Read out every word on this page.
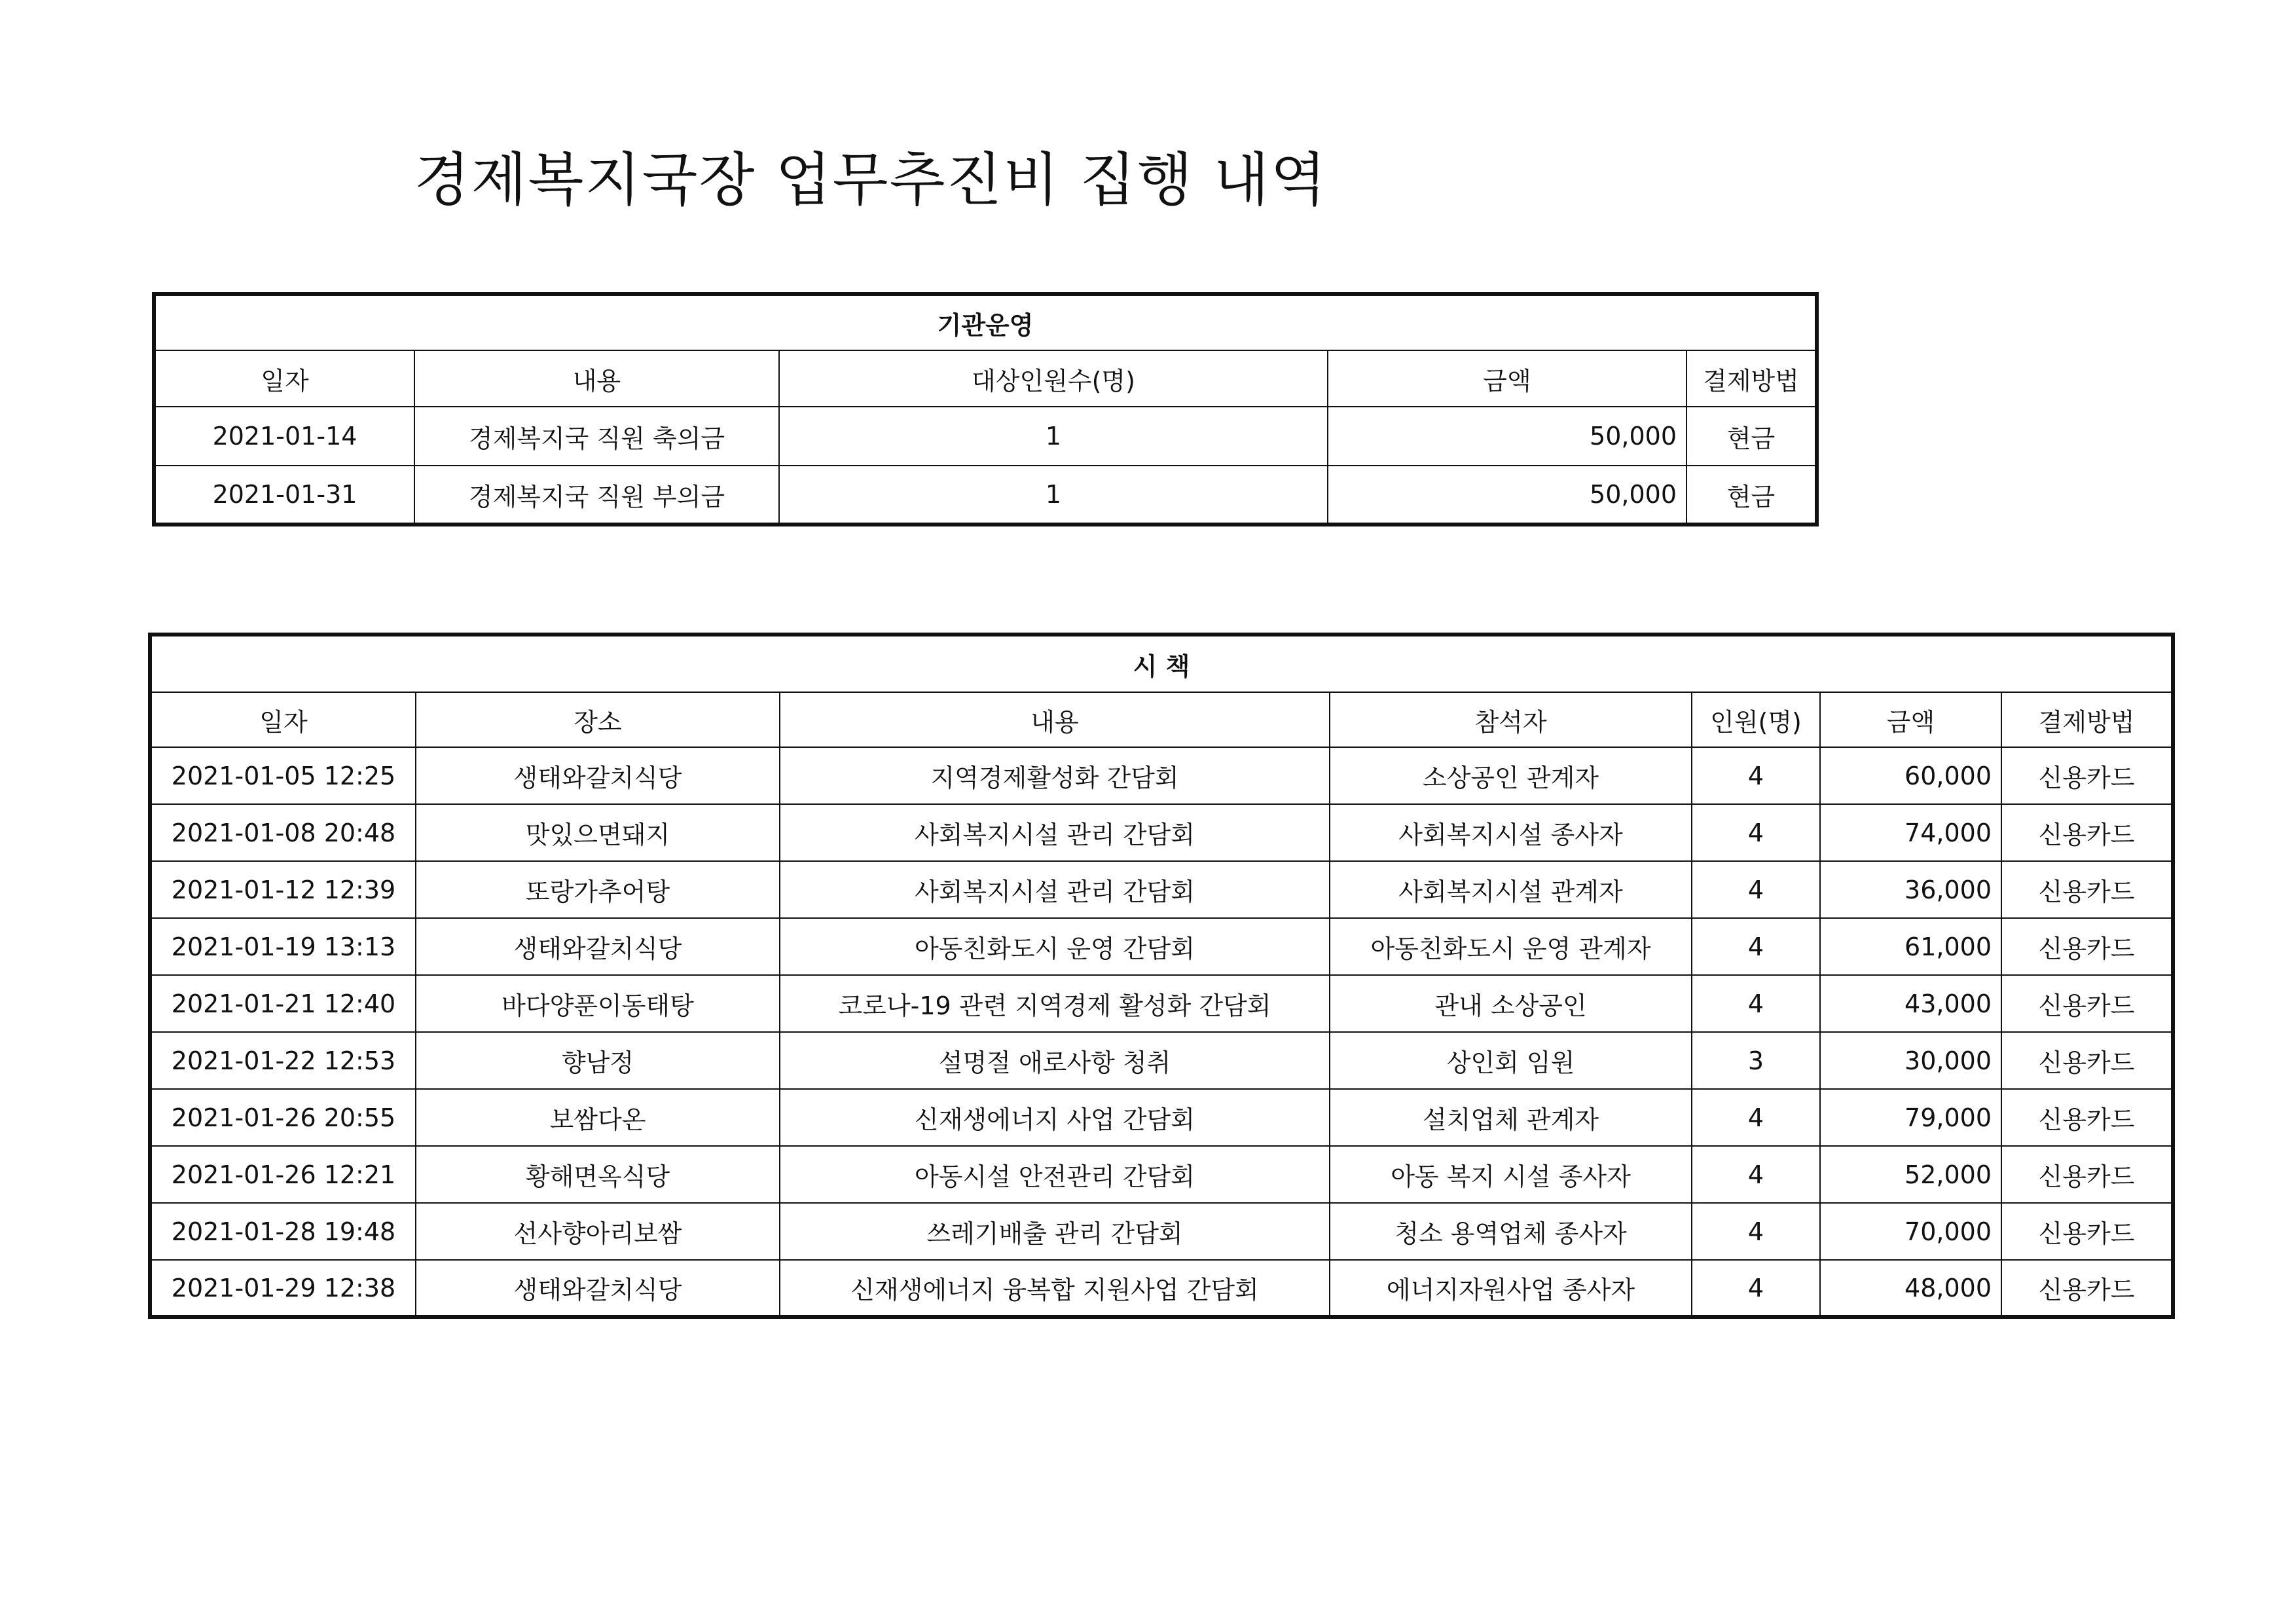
경제복지국장 업무추진비 집행 내역
기관운영				
일자	내용	대상인원수(명)	금액	결제방법
2021-01-14	경제복지국 직원 축의금	1	50,000	현금
2021-01-31	경제복지국 직원 부의금	1	50,000	현금
시 책						
일자	장소	내용	참석자	인원(명)	금액	결제방법
2021-01-05 12:25	생태와갈치식당	지역경제활성화 간담회	소상공인 관계자	4	60,000	신용카드
2021-01-08 20:48	맛있으면돼지	사회복지시설 관리 간담회	사회복지시설 종사자	4	74,000	신용카드
2021-01-12 12:39	또랑가추어탕	사회복지시설 관리 간담회	사회복지시설 관계자	4	36,000	신용카드
2021-01-19 13:13	생태와갈치식당	아동친화도시 운영 간담회	아동친화도시 운영 관계자	4	61,000	신용카드
2021-01-21 12:40	바다양푼이동태탕	코로나-19 관련 지역경제 활성화 간담회	관내 소상공인	4	43,000	신용카드
2021-01-22 12:53	향남정	설명절 애로사항 청취	상인회 임원	3	30,000	신용카드
2021-01-26 20:55	보쌈다온	신재생에너지 사업 간담회	설치업체 관계자	4	79,000	신용카드
2021-01-26 12:21	황해면옥식당	아동시설 안전관리 간담회	아동 복지 시설 종사자	4	52,000	신용카드
2021-01-28 19:48	선사향아리보쌈	쓰레기배출 관리 간담회	청소 용역업체 종사자	4	70,000	신용카드
2021-01-29 12:38	생태와갈치식당	신재생에너지 융복합 지원사업 간담회	에너지자원사업 종사자	4	48,000	신용카드
